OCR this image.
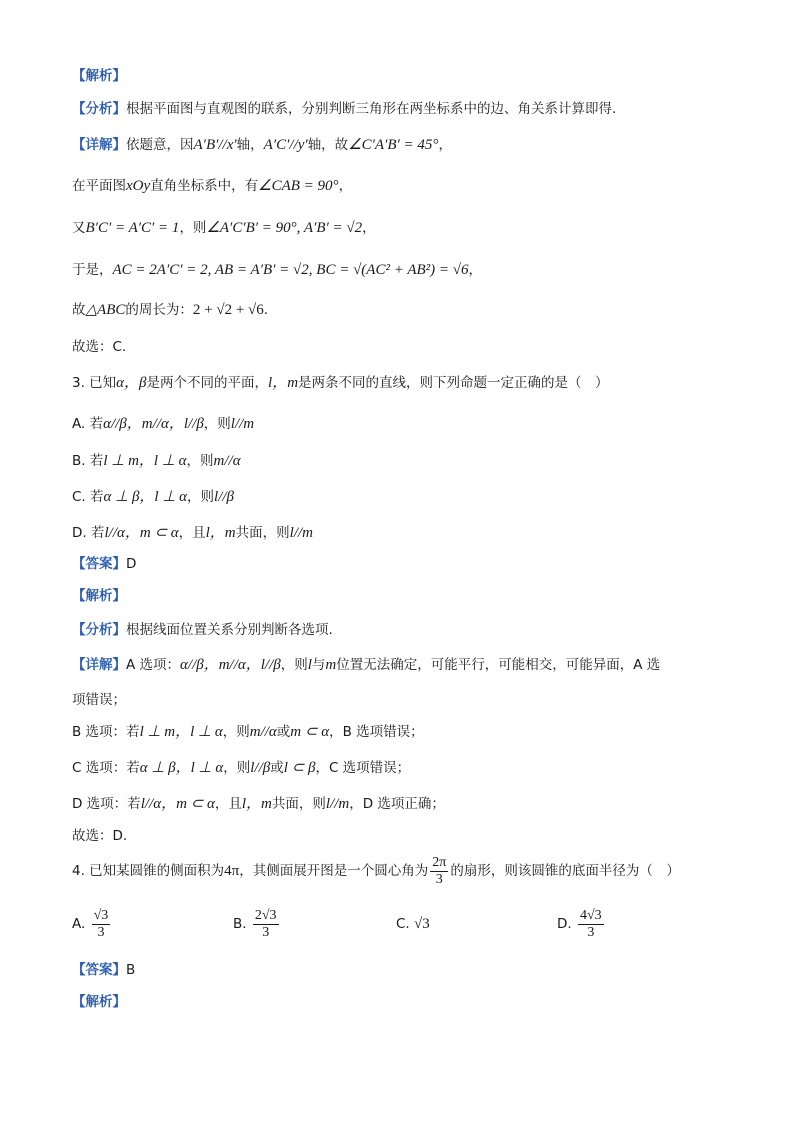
【解析】
【分析】根据平面图与直观图的联系，分别判断三角形在两坐标系中的边、角关系计算即得.
【详解】依题意，因A′B′//x′轴，A′C′//y′轴，故∠C′A′B′ = 45°，
在平面图xOy直角坐标系中，有∠CAB = 90°，
又B′C′ = A′C′ = 1，则∠A′C′B′ = 90°, A′B′ = √2，
于是，AC = 2A′C′ = 2, AB = A′B′ = √2, BC = √(AC² + AB²) = √6，
故△ABC的周长为：2 + √2 + √6.
故选：C.
3. 已知α，β是两个不同的平面，l，m是两条不同的直线，则下列命题一定正确的是（　）
A. 若α//β，m//α，l//β，则l//m
B. 若l ⊥ m，l ⊥ α，则m//α
C. 若α ⊥ β，l ⊥ α，则l//β
D. 若l//α，m ⊂ α，且l，m共面，则l//m
【答案】D
【解析】
【分析】根据线面位置关系分别判断各选项.
【详解】A 选项：α//β，m//α，l//β，则l与m位置无法确定，可能平行，可能相交，可能异面，A 选
项错误；
B 选项：若l ⊥ m，l ⊥ α，则m//α或m ⊂ α，B 选项错误；
C 选项：若α ⊥ β，l ⊥ α，则l//β或l ⊂ β，C 选项错误；
D 选项：若l//α，m ⊂ α，且l，m共面，则l//m，D 选项正确；
故选：D.
4. 已知某圆锥的侧面积为4π，其侧面展开图是一个圆心角为 $\frac{2\pi}{3}$ 的扇形，则该圆锥的底面半径为（　）
A. $\frac{√3}{3}$	B. $\frac{2√3}{3}$	C. √3	D. $\frac{4√3}{3}$
【答案】B
【解析】
